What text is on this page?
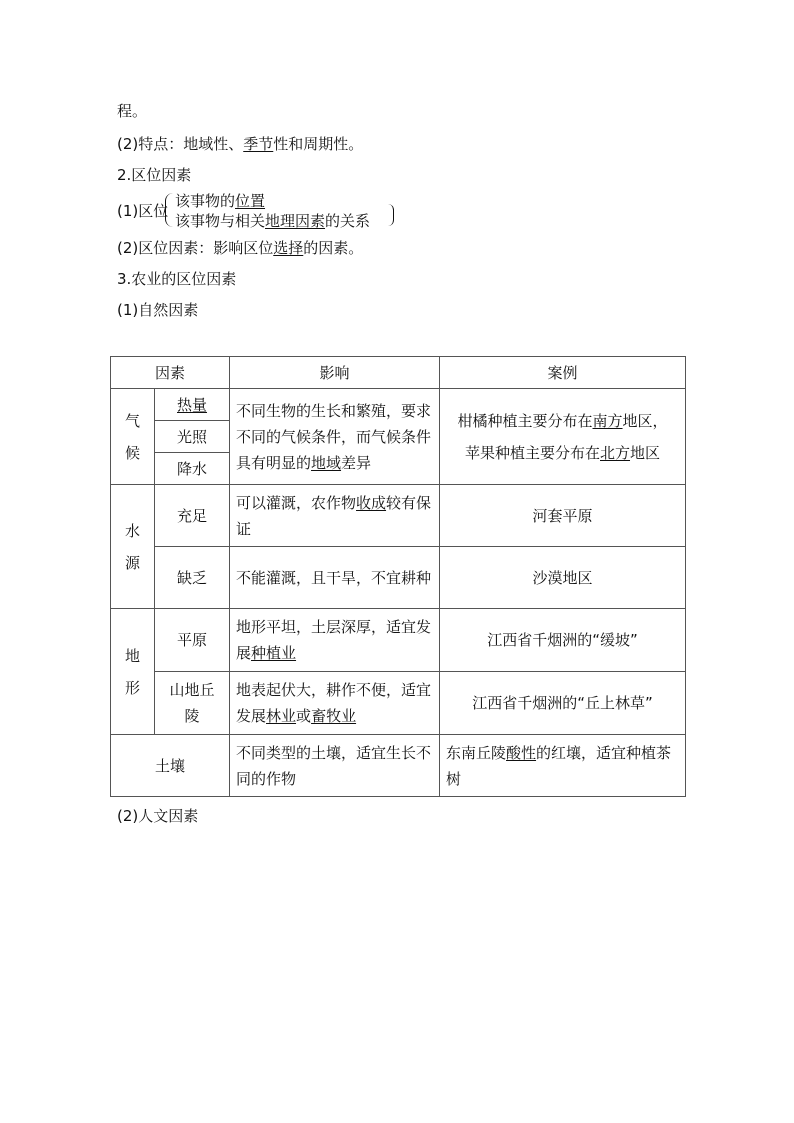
程。
(2)特点：地域性、季节性和周期性。
2.区位因素
(1)区位
该事物的位置
该事物与相关地理因素的关系
(2)区位因素：影响区位选择的因素。
3.农业的区位因素
(1)自然因素
因素		影响	案例
气候	热量	不同生物的生长和繁殖，要求不同的气候条件，而气候条件具有明显的地域差异	柑橘种植主要分布在南方地区，
苹果种植主要分布在北方地区
	光照		
	降水		
水源	充足	可以灌溉，农作物收成较有保证	河套平原
	缺乏	不能灌溉，且干旱，不宜耕种	沙漠地区
地形	平原	地形平坦，土层深厚，适宜发展种植业	江西省千烟洲的“缓坡”
	山地丘陵	地表起伏大，耕作不便，适宜发展林业或畜牧业	江西省千烟洲的“丘上林草”
土壤		不同类型的土壤，适宜生长不同的作物	东南丘陵酸性的红壤，适宜种植茶树
(2)人文因素
